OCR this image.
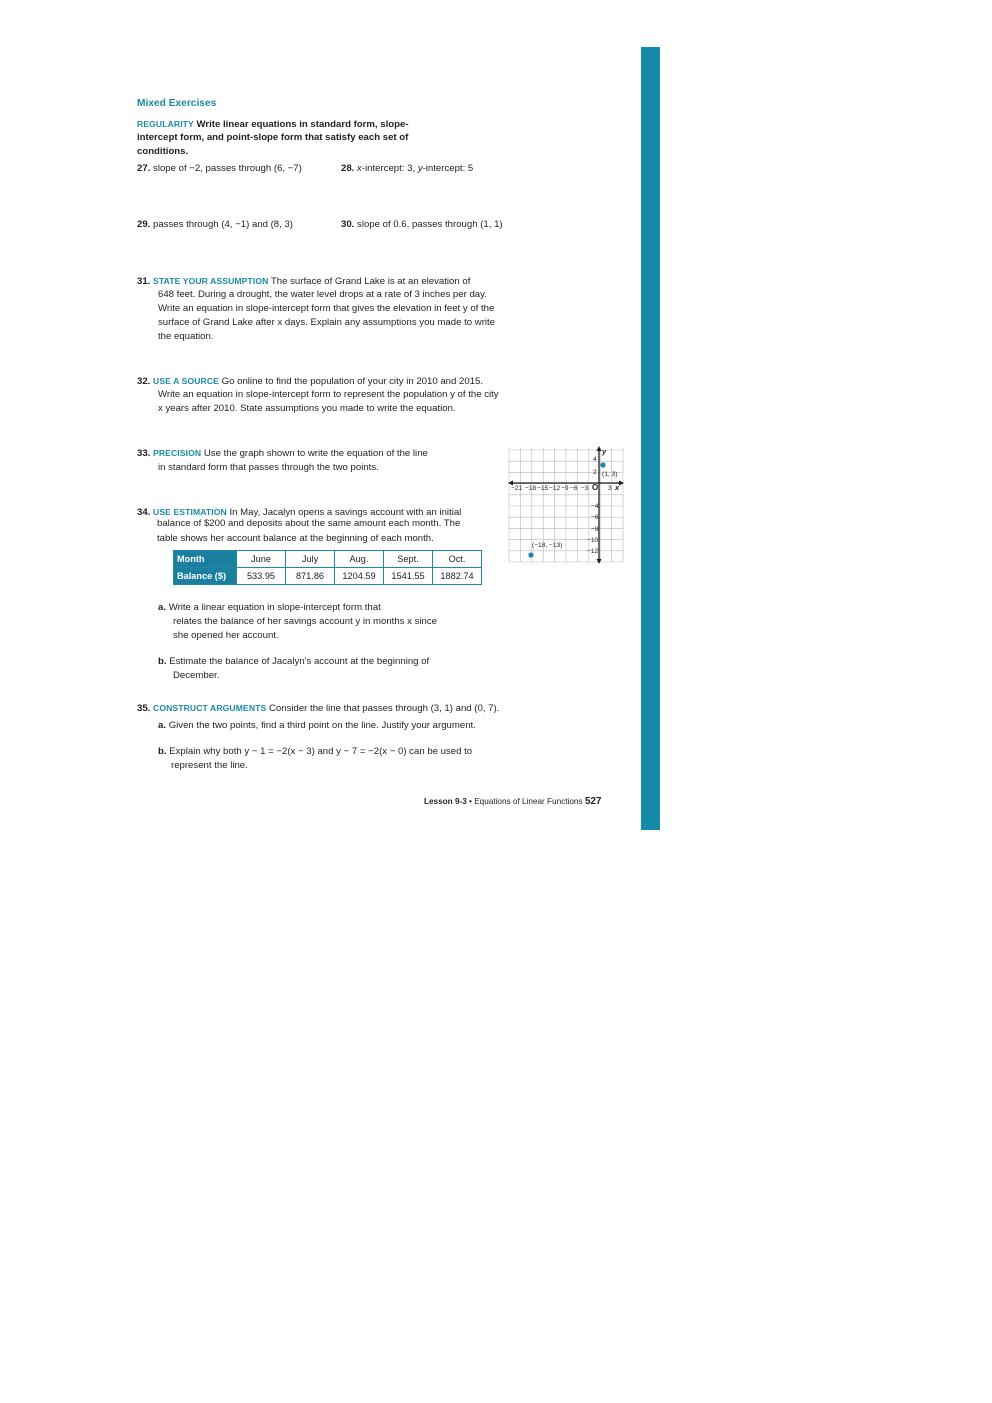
Mixed Exercises
REGULARITY Write linear equations in standard form, slope-
intercept form, and point-slope form that satisfy each set of
conditions.
27. slope of −2, passes through (6, −7)	28. x-intercept: 3, y-intercept: 5
29. passes through (4, −1) and (8, 3)	30. slope of 0.6, passes through (1, 1)
31. STATE YOUR ASSUMPTION The surface of Grand Lake is at an elevation of
648 feet. During a drought, the water level drops at a rate of 3 inches per day.
Write an equation in slope-intercept form that gives the elevation in feet y of the
surface of Grand Lake after x days. Explain any assumptions you made to write
the equation.
32. USE A SOURCE Go online to find the population of your city in 2010 and 2015.
Write an equation in slope-intercept form to represent the population y of the city
x years after 2010. State assumptions you made to write the equation.
33. PRECISION Use the graph shown to write the equation of the line
in standard form that passes through the two points.
34. USE ESTIMATION In May, Jacalyn opens a savings account with an initial
balance of $200 and deposits about the same amount each month. The
table shows her account balance at the beginning of each month.
Month	June	July	Aug.	Sept.	Oct.
Balance ($)	533.95	871.86	1204.59	1541.55	1882.74
a. Write a linear equation in slope-intercept form that
relates the balance of her savings account y in months x since
she opened her account.
b. Estimate the balance of Jacalyn's account at the beginning of
December.
35. CONSTRUCT ARGUMENTS Consider the line that passes through (3, 1) and (0, 7).
a. Given the two points, find a third point on the line. Justify your argument.
b. Explain why both y − 1 = −2(x − 3) and y − 7 = −2(x − 0) can be used to
represent the line.
−21 −18 −15 −12 −9 −6 −3	3
O x
y
4
2
−4
−6
−8
−10
−12
(1, 3)
(−18, −13)
Lesson 9-3 • Equations of Linear Functions 527
